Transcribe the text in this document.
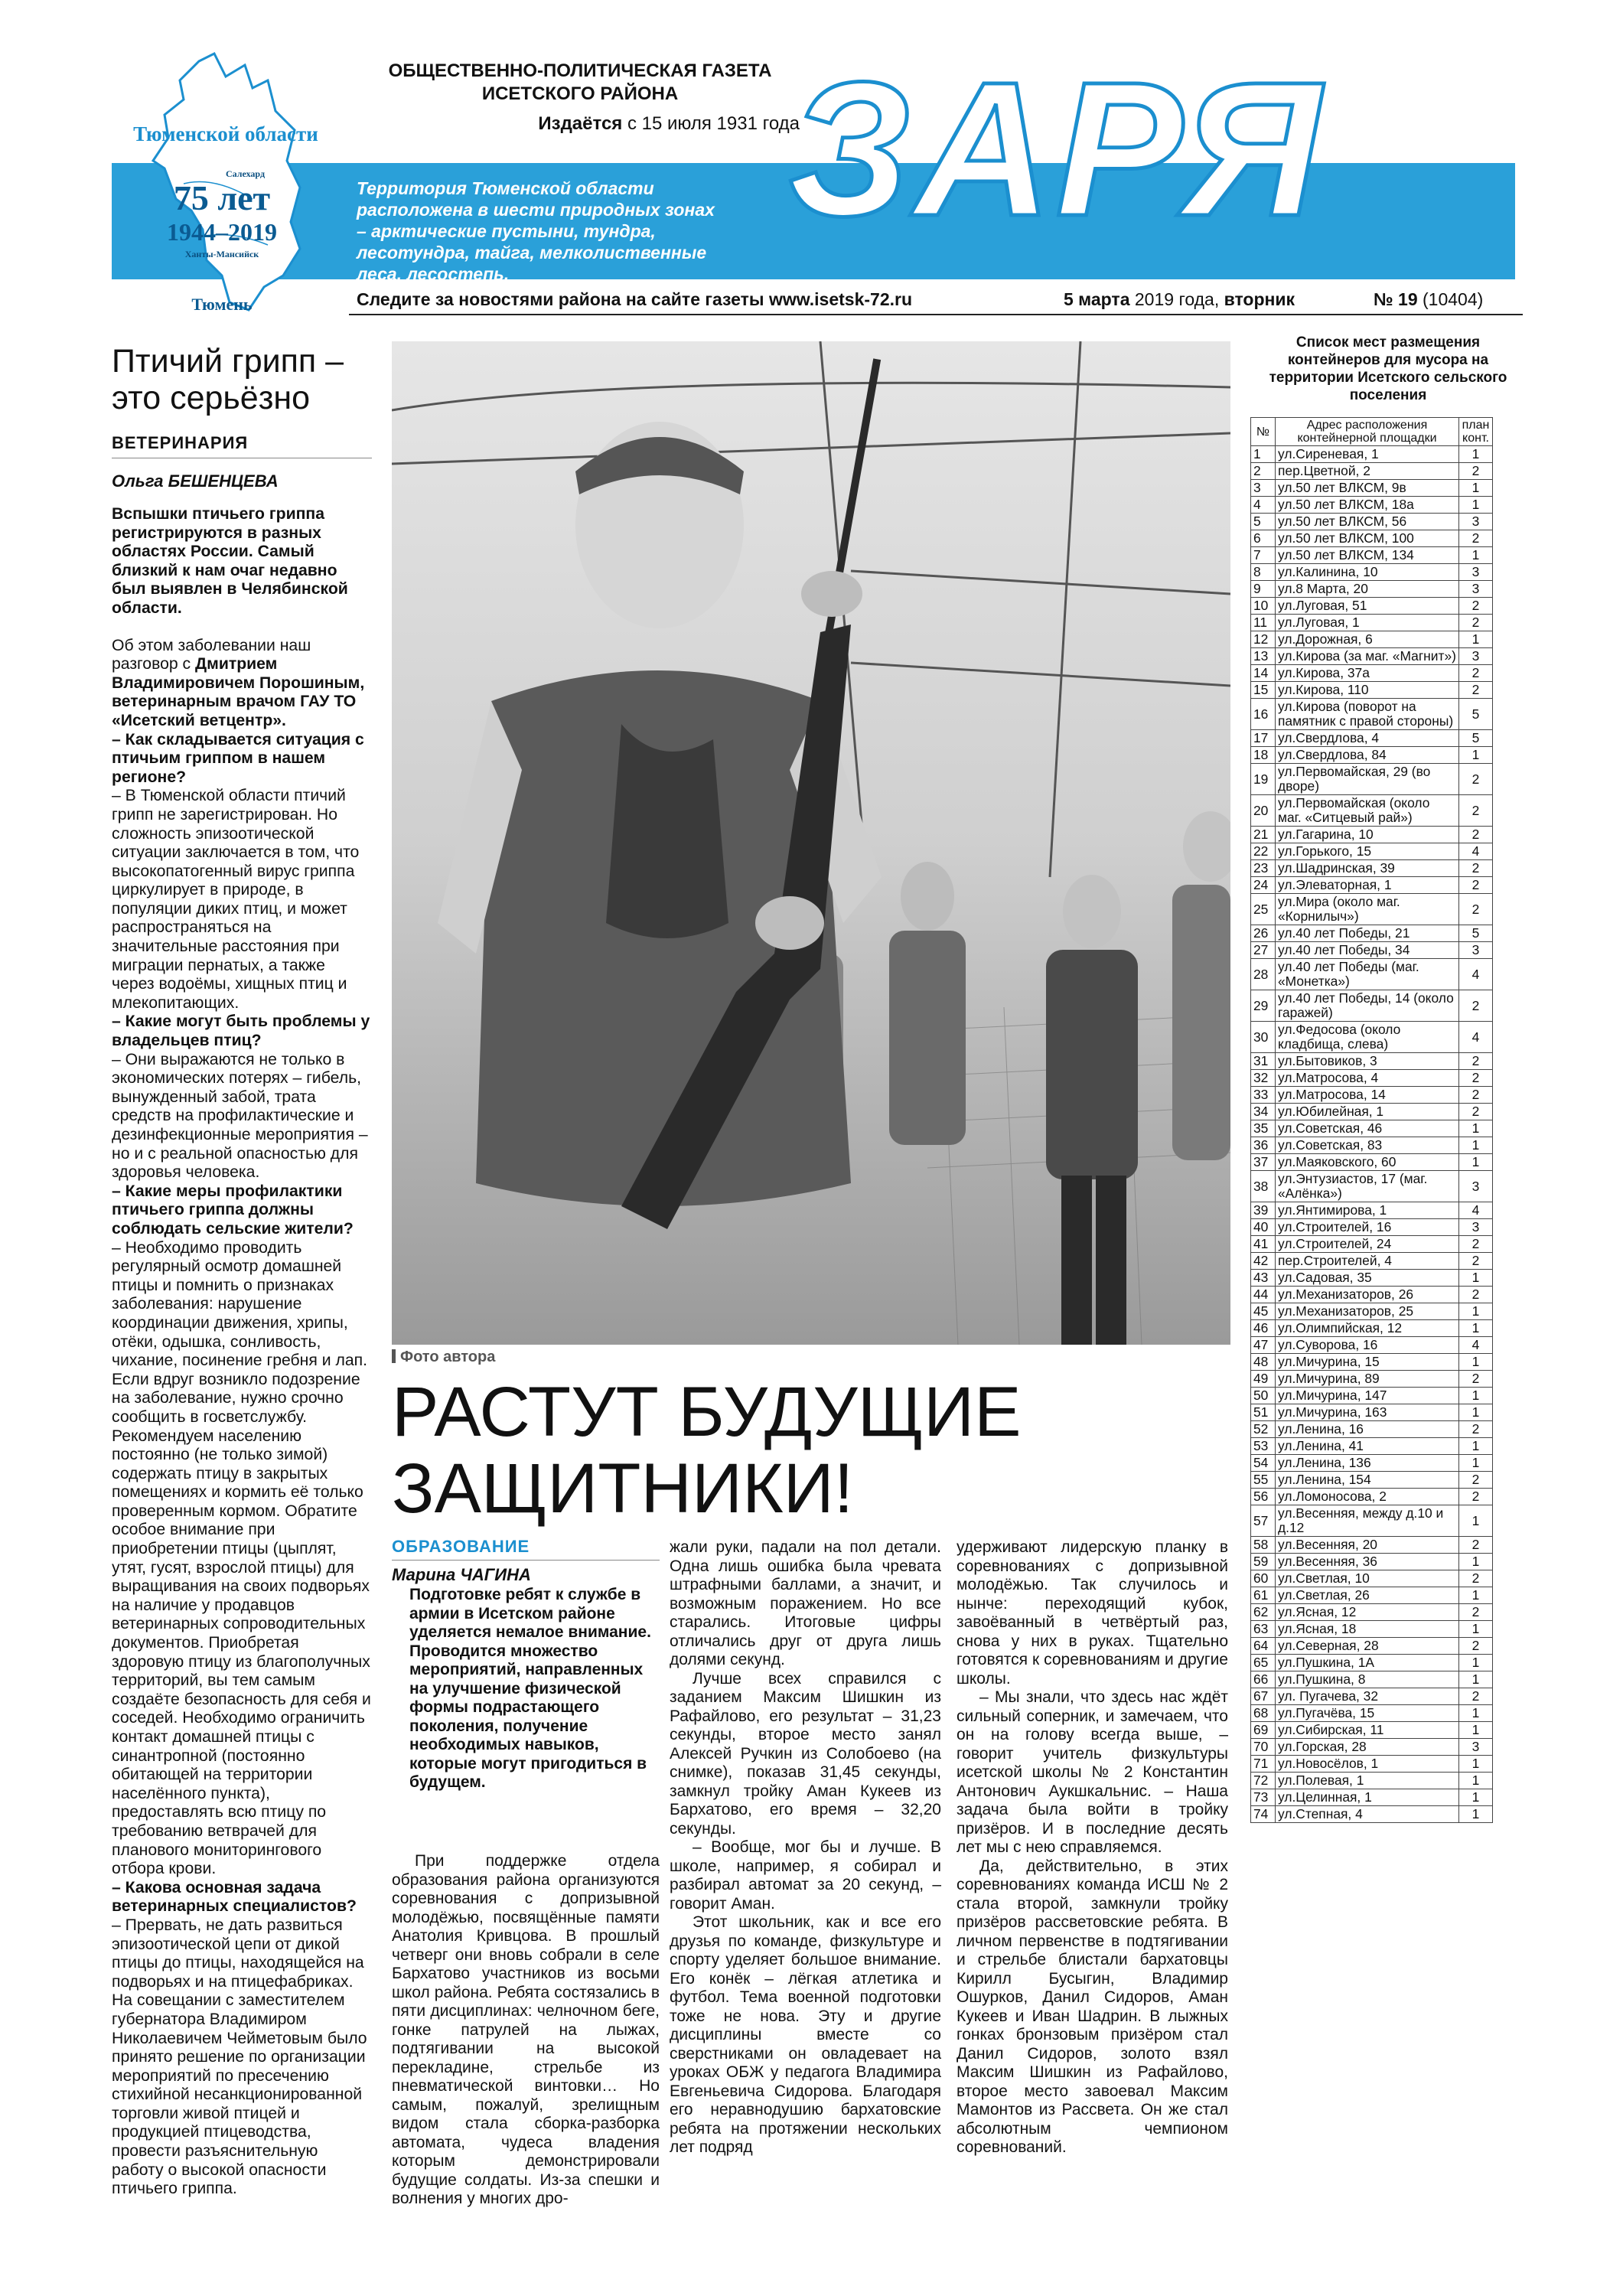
Тюменской области
Салехард
75 лет
1944–2019
Ханты-Мансийск
Тюмень
ОБЩЕСТВЕННО-ПОЛИТИЧЕСКАЯ ГАЗЕТА
ИСЕТСКОГО РАЙОНА
Издаётся с 15 июля 1931 года
ЗАРЯ
Территория Тюменской области расположена в шести природных зонах – арктические пустыни, тундра, лесотундра, тайга, мелколиственные леса, лесостепь.
Следите за новостями района на сайте газеты www.isetsk-72.ru	5 марта 2019 года, вторник	№ 19 (10404)
Птичий грипп –
это серьёзно
ВЕТЕРИНАРИЯ
Ольга БЕШЕНЦЕВА

Вспышки птичьего гриппа регистрируются в разных областях России. Самый близкий к нам очаг недавно был выявлен в Челябинской области.

Об этом заболевании наш разговор с Дмитрием Владимировичем Порошиным, ветеринарным врачом ГАУ ТО «Исетский ветцентр».

– Как складывается ситуация с птичьим гриппом в нашем регионе?

– В Тюменской области птичий грипп не зарегистрирован. Но сложность эпизоотической ситуации заключается в том, что высокопатогенный вирус гриппа циркулирует в природе, в популяции диких птиц, и может распространяться на значительные расстояния при миграции пернатых, а также через водоёмы, хищных птиц и млекопитающих.

– Какие могут быть проблемы у владельцев птиц?

– Они выражаются не только в экономических потерях – гибель, вынужденный забой, трата средств на профилактические и дезинфекционные мероприятия – но и с реальной опасностью для здоровья человека.

– Какие меры профилактики птичьего гриппа должны соблюдать сельские жители?

– Необходимо проводить регулярный осмотр домашней птицы и помнить о признаках заболевания: нарушение координации движения, хрипы, отёки, одышка, сонливость, чихание, посинение гребня и лап. Если вдруг возникло подозрение на заболевание, нужно срочно сообщить в госветслужбу. Рекомендуем населению постоянно (не только зимой) содержать птицу в закрытых помещениях и кормить её только проверенным кормом. Обратите особое внимание при приобретении птицы (цыплят, утят, гусят, взрослой птицы) для выращивания на своих подворьях на наличие у продавцов ветеринарных сопроводительных документов. Приобретая здоровую птицу из благополучных территорий, вы тем самым создаёте безопасность для себя и соседей. Необходимо ограничить контакт домашней птицы с синантропной (постоянно обитающей на территории населённого пункта), предоставлять всю птицу по требованию ветврачей для планового мониторингового отбора крови.

– Какова основная задача ветеринарных специалистов?

– Прервать, не дать развиться эпизоотической цепи от дикой птицы до птицы, находящейся на подворьях и на птицефабриках. На совещании с заместителем губернатора Владимиром Николаевичем Чейметовым было принято решение по организации мероприятий по пресечению стихийной несанкционированной торговли живой птицей и продукцией птицеводства, провести разъяснительную работу о высокой опасности птичьего гриппа.

Фото автора
РАСТУТ БУДУЩИЕ
ЗАЩИТНИКИ!
ОБРАЗОВАНИЕ
Марина ЧАГИНА
Подготовке ребят к службе в армии в Исетском районе уделяется немалое внимание. Проводится множество мероприятий, направленных на улучшение физической формы подрастающего поколения, получение необходимых навыков, которые могут пригодиться в будущем.

При поддержке отдела образования района организуются соревнования с допризывной молодёжью, посвящённые памяти Анатолия Кривцова. В прошлый четверг они вновь собрали в селе Бархатово участников из восьми школ района. Ребята состязались в пяти дисциплинах: челночном беге, гонке патрулей на лыжах, подтягивании на высокой перекладине, стрельбе из пневматической винтовки… Но самым, пожалуй, зрелищным видом стала сборка-разборка автомата, чудеса владения которым демонстрировали будущие солдаты. Из-за спешки и волнения у многих дро-

жали руки, падали на пол детали. Одна лишь ошибка была чревата штрафными баллами, а значит, и возможным поражением. Но все старались. Итоговые цифры отличались друг от друга лишь долями секунд.

Лучше всех справился с заданием Максим Шишкин из Рафайлово, его результат – 31,23 секунды, второе место занял Алексей Ручкин из Солобоево (на снимке), показав 31,45 секунды, замкнул тройку Аман Кукеев из Бархатово, его время – 32,20 секунды.

– Вообще, мог бы и лучше. В школе, например, я собирал и разбирал автомат за 20 секунд, – говорит Аман.

Этот школьник, как и все его друзья по команде, физкультуре и спорту уделяет большое внимание. Его конёк – лёгкая атлетика и футбол. Тема военной подготовки тоже не нова. Эту и другие дисциплины вместе со сверстниками он овладевает на уроках ОБЖ у педагога Владимира Евгеньевича Сидорова. Благодаря его неравнодушию бархатовские ребята на протяжении нескольких лет подряд

удерживают лидерскую планку в соревнованиях с допризывной молодёжью. Так случилось и нынче: переходящий кубок, завоёванный в четвёртый раз, снова у них в руках. Тщательно готовятся к соревнованиям и другие школы.

– Мы знали, что здесь нас ждёт сильный соперник, и замечаем, что он на голову всегда выше, – говорит учитель физкультуры исетской школы № 2 Константин Антонович Аукшкальнис. – Наша задача была войти в тройку призёров. И в последние десять лет мы с нею справляемся.

Да, действительно, в этих соревнованиях команда ИСШ № 2 стала второй, замкнули тройку призёров рассветовские ребята. В личном первенстве в подтягивании и стрельбе блистали бархатовцы Кирилл Бусыгин, Владимир Ошурков, Данил Сидоров, Аман Кукеев и Иван Шадрин. В лыжных гонках бронзовым призёром стал Данил Сидоров, золото взял Максим Шишкин из Рафайлово, второе место завоевал Максим Мамонтов из Рассвета. Он же стал абсолютным чемпионом соревнований.

Список мест размещения контейнеров для мусора на территории Исетского сельского поселения
№	Адрес расположения контейнерной площадки	план конт.
1	ул.Сиреневая, 1	1
2	пер.Цветной, 2	2
3	ул.50 лет ВЛКСМ, 9в	1
4	ул.50 лет ВЛКСМ, 18а	1
5	ул.50 лет ВЛКСМ, 56	3
6	ул.50 лет ВЛКСМ, 100	2
7	ул.50 лет ВЛКСМ, 134	1
8	ул.Калинина, 10	3
9	ул.8 Марта, 20	3
10	ул.Луговая, 51	2
11	ул.Луговая, 1	2
12	ул.Дорожная, 6	1
13	ул.Кирова (за маг. «Магнит»)	3
14	ул.Кирова, 37а	2
15	ул.Кирова, 110	2
16	ул.Кирова (поворот на памятник с правой стороны)	5
17	ул.Свердлова, 4	5
18	ул.Свердлова, 84	1
19	ул.Первомайская, 29 (во дворе)	2
20	ул.Первомайская (около маг. «Ситцевый рай»)	2
21	ул.Гагарина, 10	2
22	ул.Горького, 15	4
23	ул.Шадринская, 39	2
24	ул.Элеваторная, 1	2
25	ул.Мира (около маг. «Корнилыч»)	2
26	ул.40 лет Победы, 21	5
27	ул.40 лет Победы, 34	3
28	ул.40 лет Победы (маг. «Монетка»)	4
29	ул.40 лет Победы, 14 (около гаражей)	2
30	ул.Федосова (около кладбища, слева)	4
31	ул.Бытовиков, 3	2
32	ул.Матросова, 4	2
33	ул.Матросова, 14	2
34	ул.Юбилейная, 1	2
35	ул.Советская, 46	1
36	ул.Советская, 83	1
37	ул.Маяковского, 60	1
38	ул.Энтузиастов, 17 (маг. «Алёнка»)	3
39	ул.Янтимирова, 1	4
40	ул.Строителей, 16	3
41	ул.Строителей, 24	2
42	пер.Строителей, 4	2
43	ул.Садовая, 35	1
44	ул.Механизаторов, 26	2
45	ул.Механизаторов, 25	1
46	ул.Олимпийская, 12	1
47	ул.Суворова, 16	4
48	ул.Мичурина, 15	1
49	ул.Мичурина, 89	2
50	ул.Мичурина, 147	1
51	ул.Мичурина, 163	1
52	ул.Ленина, 16	2
53	ул.Ленина, 41	1
54	ул.Ленина, 136	1
55	ул.Ленина, 154	2
56	ул.Ломоносова, 2	2
57	ул.Весенняя, между д.10 и д.12	1
58	ул.Весенняя, 20	2
59	ул.Весенняя, 36	1
60	ул.Светлая, 10	2
61	ул.Светлая, 26	1
62	ул.Ясная, 12	2
63	ул.Ясная, 18	1
64	ул.Северная, 28	2
65	ул.Пушкина, 1А	1
66	ул.Пушкина, 8	1
67	ул. Пугачева, 32	2
68	ул.Пугачёва, 15	1
69	ул.Сибирская, 11	1
70	ул.Горская, 28	3
71	ул.Новосёлов, 1	1
72	ул.Полевая, 1	1
73	ул.Целинная, 1	1
74	ул.Степная, 4	1
